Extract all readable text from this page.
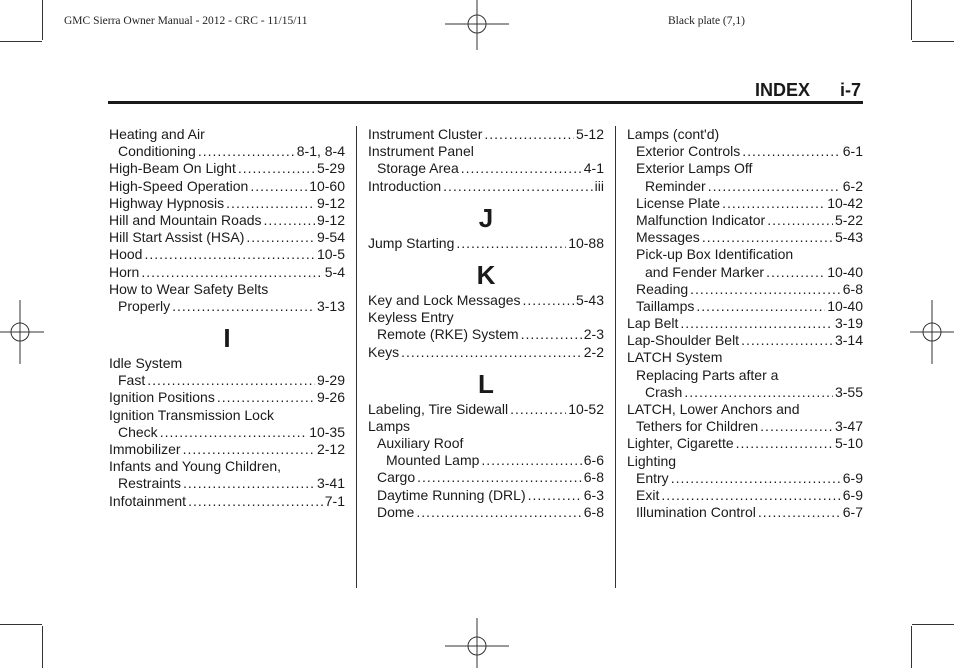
GMC Sierra Owner Manual - 2012 - CRC - 11/15/11	Black plate (7,1)
INDEX i-7
Heating and Air
Conditioning .....	8-1, 8-4
High-Beam On Light .....	5-29
High-Speed Operation .....	10-60
Highway Hypnosis .....	9-12
Hill and Mountain Roads .....	9-12
Hill Start Assist (HSA) .....	9-54
Hood .....	10-5
Horn .....	5-4
How to Wear Safety Belts
Properly .....	3-13
I
Idle System
Fast .....	9-29
Ignition Positions .....	9-26
Ignition Transmission Lock
Check .....	10-35
Immobilizer .....	2-12
Infants and Young Children,
Restraints .....	3-41
Infotainment .....	7-1
Instrument Cluster .....	5-12
Instrument Panel
Storage Area .....	4-1
Introduction .....	iii
J
Jump Starting .....	10-88
K
Key and Lock Messages .....	5-43
Keyless Entry
Remote (RKE) System .....	2-3
Keys .....	2-2
L
Labeling, Tire Sidewall .....	10-52
Lamps
Auxiliary Roof
Mounted Lamp .....	6-6
Cargo .....	6-8
Daytime Running (DRL) .....	6-3
Dome .....	6-8
Lamps (cont'd)
Exterior Controls .....	6-1
Exterior Lamps Off
Reminder .....	6-2
License Plate .....	10-42
Malfunction Indicator .....	5-22
Messages .....	5-43
Pick-up Box Identification
and Fender Marker .....	10-40
Reading .....	6-8
Taillamps .....	10-40
Lap Belt .....	3-19
Lap-Shoulder Belt .....	3-14
LATCH System
Replacing Parts after a
Crash .....	3-55
LATCH, Lower Anchors and
Tethers for Children .....	3-47
Lighter, Cigarette .....	5-10
Lighting
Entry .....	6-9
Exit .....	6-9
Illumination Control .....	6-7
